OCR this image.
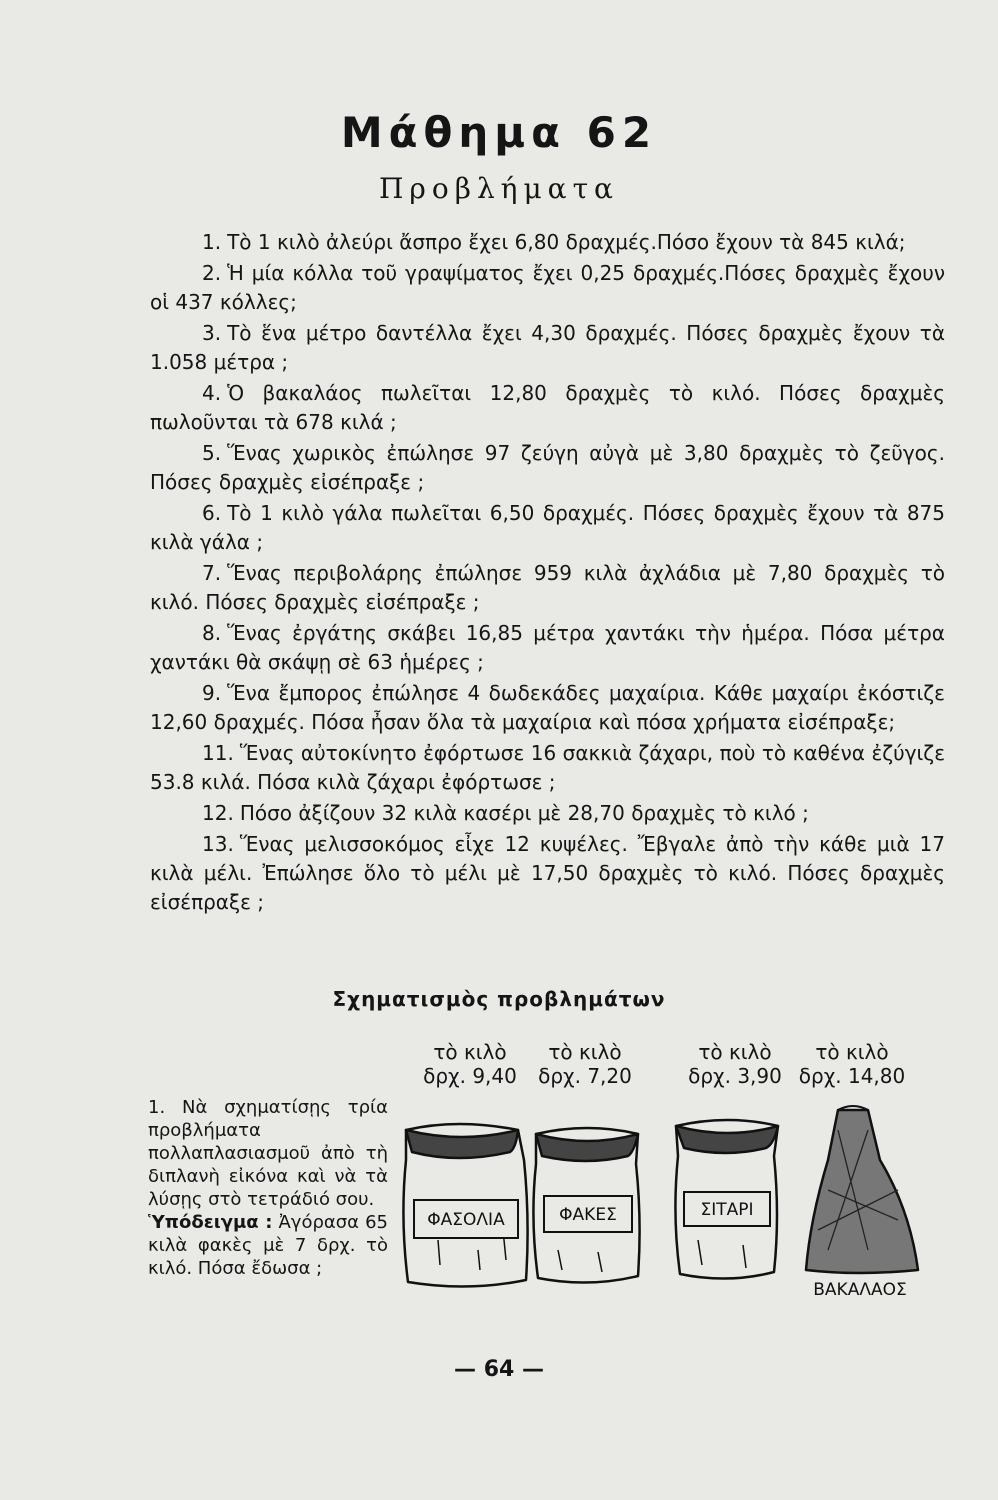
Μάθημα 62
Προβλήματα

1. Τὸ 1 κιλὸ ἀλεύρι ἄσπρο ἔχει 6,80 δραχμές.Πόσο ἔχουν τὰ 845 κιλά;

2. Ἡ μία κόλλα τοῦ γραψίματος ἔχει 0,25 δραχμές.Πόσες δραχμὲς ἔχουν οἱ 437 κόλλες;

3. Τὸ ἕνα μέτρο δαντέλλα ἔχει 4,30 δραχμές. Πόσες δραχμὲς ἔχουν τὰ 1.058 μέτρα ;

4. Ὁ βακαλάος πωλεῖται 12,80 δραχμὲς τὸ κιλό. Πόσες δραχμὲς πωλοῦνται τὰ 678 κιλά ;

5. Ἕνας χωρικὸς ἐπώλησε 97 ζεύγη αὐγὰ μὲ 3,80 δραχμὲς τὸ ζεῦγος. Πόσες δραχμὲς εἰσέπραξε ;

6. Τὸ 1 κιλὸ γάλα πωλεῖται 6,50 δραχμές. Πόσες δραχμὲς ἔχουν τὰ 875 κιλὰ γάλα ;

7. Ἕνας περιβολάρης ἐπώλησε 959 κιλὰ ἀχλάδια μὲ 7,80 δραχμὲς τὸ κιλό. Πόσες δραχμὲς εἰσέπραξε ;

8. Ἕνας ἐργάτης σκάβει 16,85 μέτρα χαντάκι τὴν ἡμέρα. Πόσα μέτρα χαντάκι θὰ σκάψῃ σὲ 63 ἡμέρες ;

9. Ἕνα ἔμπορος ἐπώλησε 4 δωδεκάδες μαχαίρια. Κάθε μαχαίρι ἐκόστιζε 12,60 δραχμές. Πόσα ἦσαν ὅλα τὰ μαχαίρια καὶ πόσα χρήματα εἰσέπραξε;

11. Ἕνας αὐτοκίνητο ἐφόρτωσε 16 σακκιὰ ζάχαρι, ποὺ τὸ καθένα ἐζύγιζε 53.8 κιλά. Πόσα κιλὰ ζάχαρι ἐφόρτωσε ;

12. Πόσο ἀξίζουν 32 κιλὰ κασέρι μὲ 28,70 δραχμὲς τὸ κιλό ;

13. Ἕνας μελισσοκόμος εἶχε 12 κυψέλες. Ἔβγαλε ἀπὸ τὴν κάθε μιὰ 17 κιλὰ μέλι. Ἐπώλησε ὅλο τὸ μέλι μὲ 17,50 δραχμὲς τὸ κιλό. Πόσες δραχμὲς εἰσέπραξε ;

Σχηματισμὸς προβλημάτων
τὸ κιλὸ
δρχ. 9,40
τὸ κιλὸ
δρχ. 7,20
τὸ κιλὸ
δρχ. 3,90
τὸ κιλὸ
δρχ. 14,80
1. Νὰ σχηματίσῃς τρία προβλήματα πολλαπλασιασμοῦ ἀπὸ τὴ διπλανὴ εἰκόνα καὶ νὰ τὰ λύσῃς στὸ τετράδιό σου.
Ὑπόδειγμα : Ἀγόρασα 65 κιλὰ φακὲς μὲ 7 δρχ. τὸ κιλό. Πόσα ἔδωσα ;
ΦΑΣΟΛΙΑ	ΦΑΚΕΣ	ΣΙΤΑΡΙ
ΒΑΚΑΛΑΟΣ
— 64 —
